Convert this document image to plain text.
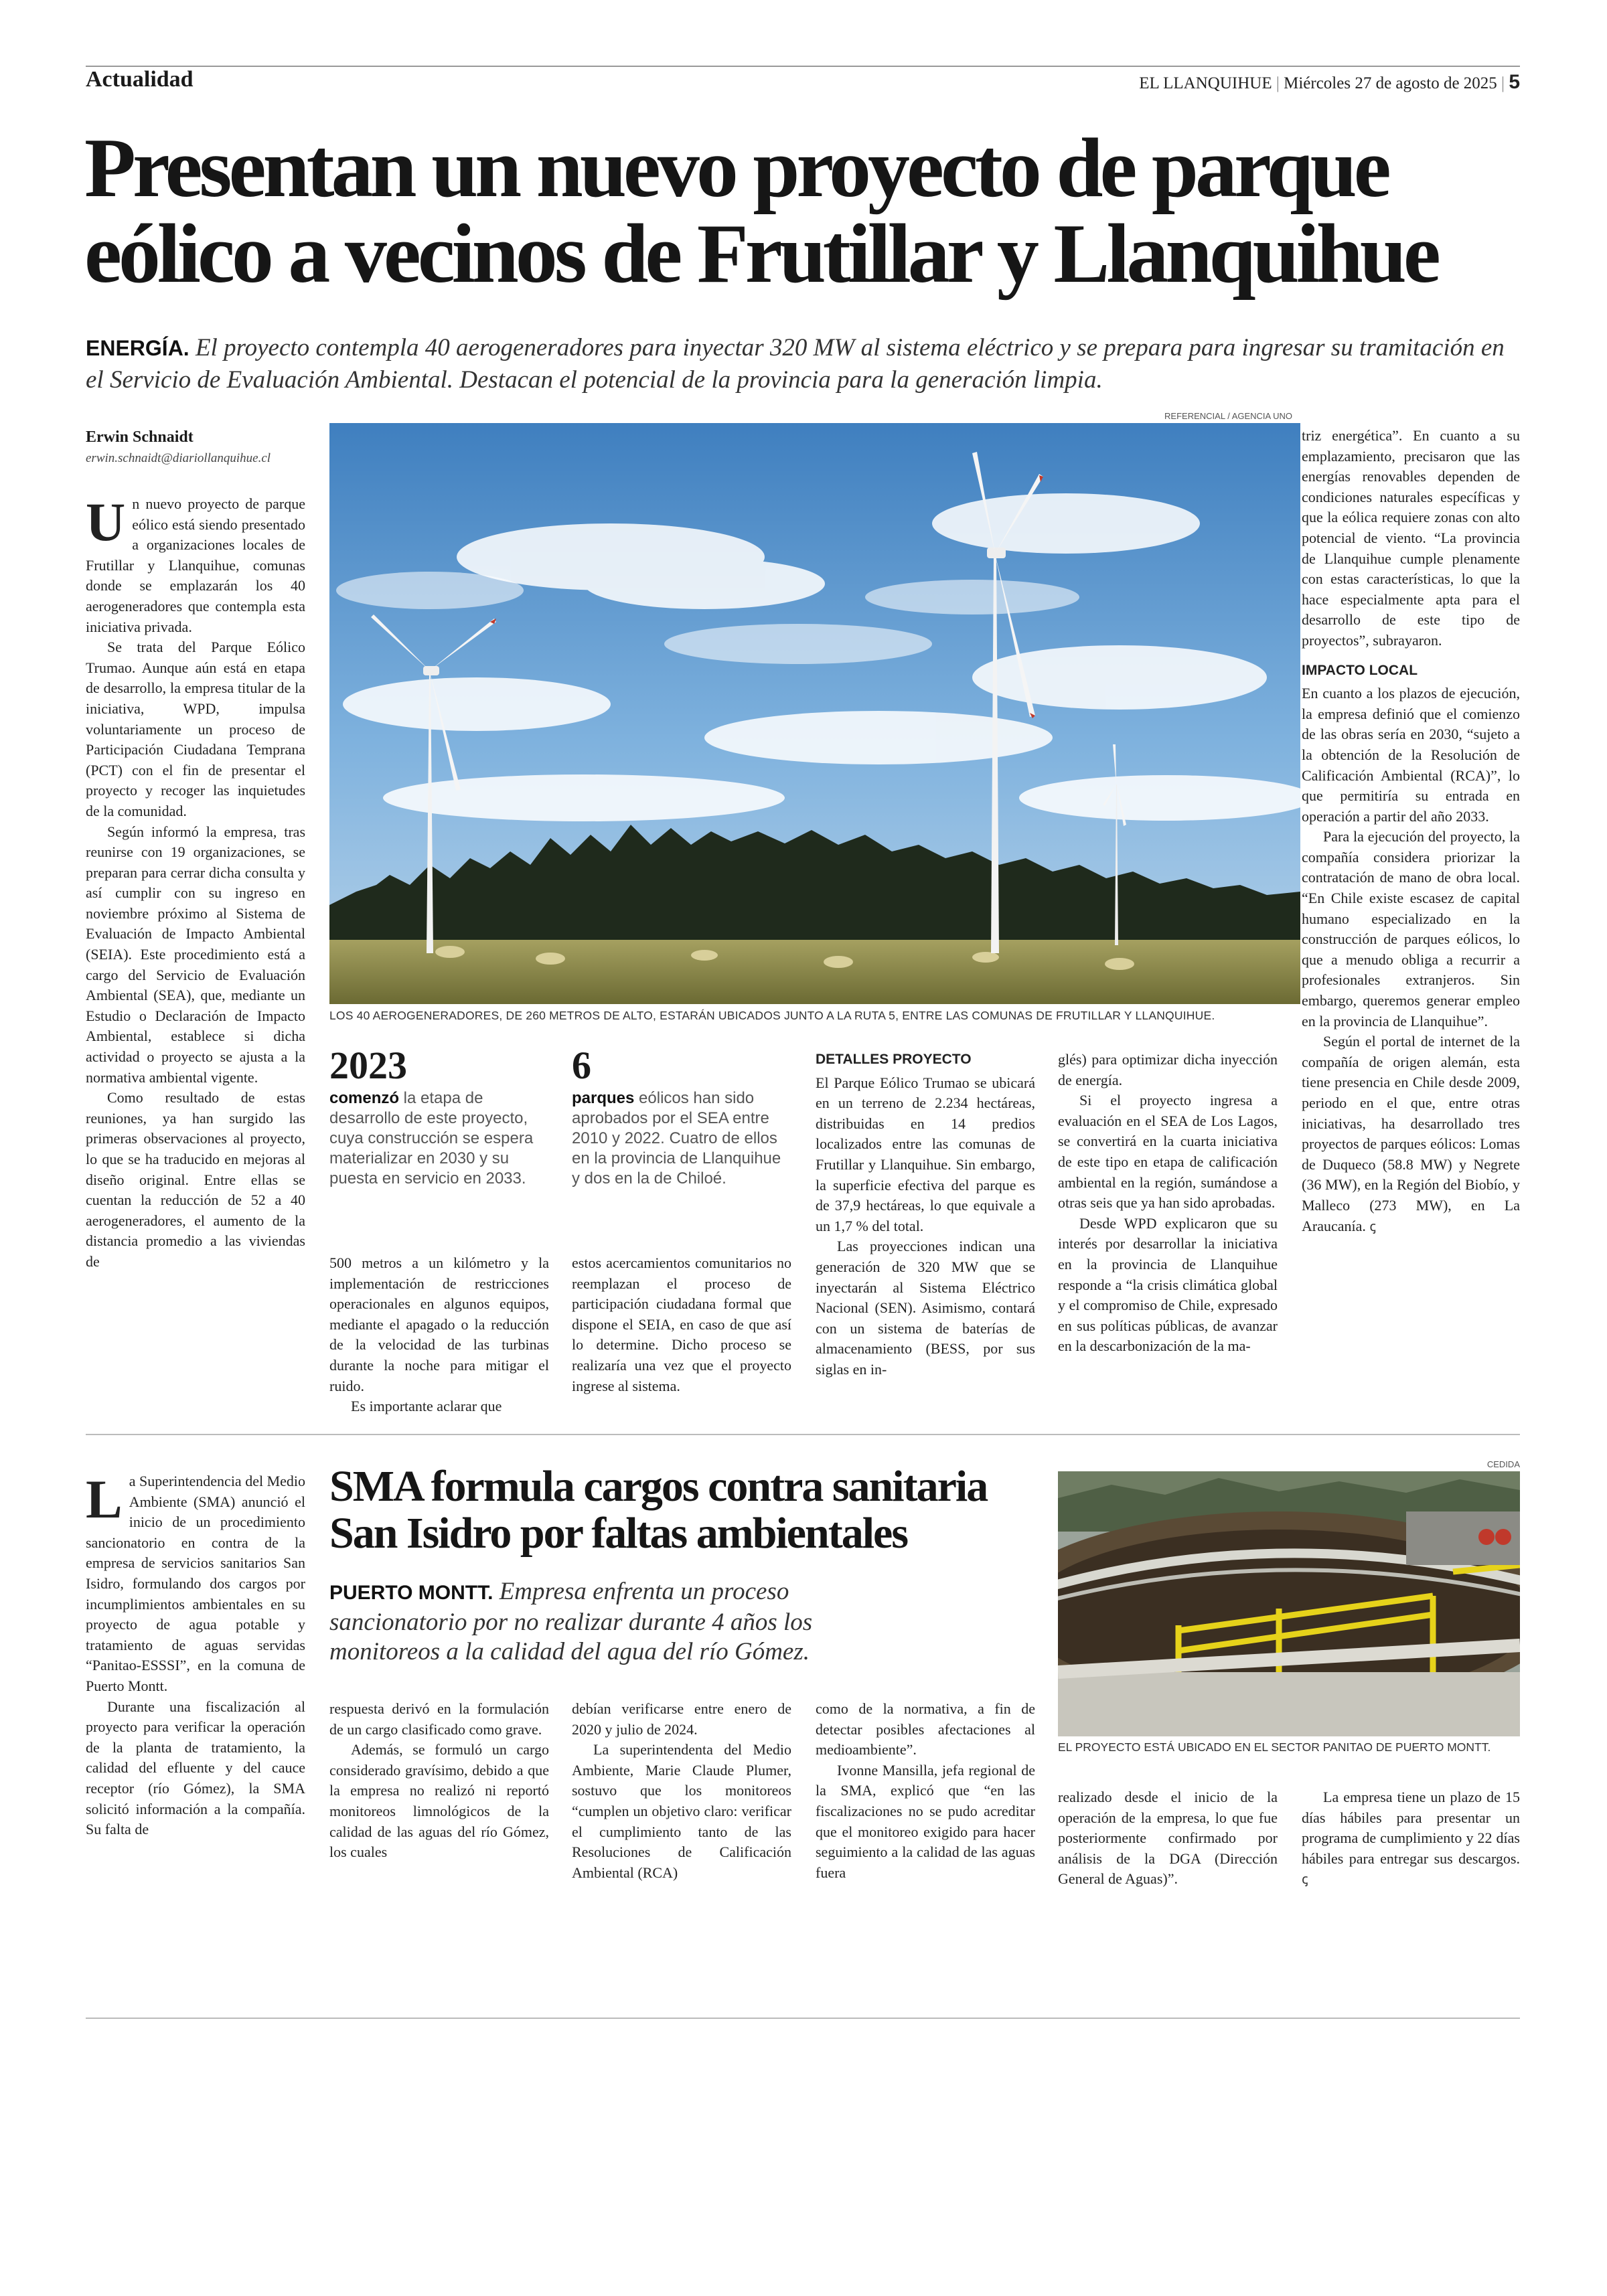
Actualidad	EL LLANQUIHUE | Miércoles 27 de agosto de 2025 | 5
Presentan un nuevo proyecto de parque eólico a vecinos de Frutillar y Llanquihue
ENERGÍA. El proyecto contempla 40 aerogeneradores para inyectar 320 MW al sistema eléctrico y se prepara para ingresar su tramitación en el Servicio de Evaluación Ambiental. Destacan el potencial de la provincia para la generación limpia.
Erwin Schnaidt
erwin.schnaidt@diariollanquihue.cl
REFERENCIAL / AGENCIA UNO
LOS 40 AEROGENERADORES, DE 260 METROS DE ALTO, ESTARÁN UBICADOS JUNTO A LA RUTA 5, ENTRE LAS COMUNAS DE FRUTILLAR Y LLANQUIHUE.

Un nuevo proyecto de parque eólico está siendo presentado a organizaciones locales de Frutillar y Llanquihue, comunas donde se emplazarán los 40 aerogeneradores que contempla esta iniciativa privada.

Se trata del Parque Eólico Trumao. Aunque aún está en etapa de desarrollo, la empresa titular de la iniciativa, WPD, impulsa voluntariamente un proceso de Participación Ciudadana Temprana (PCT) con el fin de presentar el proyecto y recoger las inquietudes de la comunidad.

Según informó la empresa, tras reunirse con 19 organizaciones, se preparan para cerrar dicha consulta y así cumplir con su ingreso en noviembre próximo al Sistema de Evaluación de Impacto Ambiental (SEIA). Este procedimiento está a cargo del Servicio de Evaluación Ambiental (SEA), que, mediante un Estudio o Declaración de Impacto Ambiental, establece si dicha actividad o proyecto se ajusta a la normativa ambiental vigente.

Como resultado de estas reuniones, ya han surgido las primeras observaciones al proyecto, lo que se ha traducido en mejoras al diseño original. Entre ellas se cuentan la reducción de 52 a 40 aerogeneradores, el aumento de la distancia promedio a las viviendas de

2023
comenzó la etapa de desarrollo de este proyecto, cuya construcción se espera materializar en 2030 y su puesta en servicio en 2033.
6
parques eólicos han sido aprobados por el SEA entre 2010 y 2022. Cuatro de ellos en la provincia de Llanquihue y dos en la de Chiloé.

500 metros a un kilómetro y la implementación de restricciones operacionales en algunos equipos, mediante el apagado o la reducción de la velocidad de las turbinas durante la noche para mitigar el ruido.

Es importante aclarar que

estos acercamientos comunitarios no reemplazan el proceso de participación ciudadana formal que dispone el SEIA, en caso de que así lo determine. Dicho proceso se realizaría una vez que el proyecto ingrese al sistema.

DETALLES PROYECTO

El Parque Eólico Trumao se ubicará en un terreno de 2.234 hectáreas, distribuidas en 14 predios localizados entre las comunas de Frutillar y Llanquihue. Sin embargo, la superficie efectiva del parque es de 37,9 hectáreas, lo que equivale a un 1,7 % del total.

Las proyecciones indican una generación de 320 MW que se inyectarán al Sistema Eléctrico Nacional (SEN). Asimismo, contará con un sistema de baterías de almacenamiento (BESS, por sus siglas en in-

glés) para optimizar dicha inyección de energía.

Si el proyecto ingresa a evaluación en el SEA de Los Lagos, se convertirá en la cuarta iniciativa de este tipo en etapa de calificación ambiental en la región, sumándose a otras seis que ya han sido aprobadas.

Desde WPD explicaron que su interés por desarrollar la iniciativa en la provincia de Llanquihue responde a “la crisis climática global y el compromiso de Chile, expresado en sus políticas públicas, de avanzar en la descarbonización de la ma-

triz energética”. En cuanto a su emplazamiento, precisaron que las energías renovables dependen de condiciones naturales específicas y que la eólica requiere zonas con alto potencial de viento. “La provincia de Llanquihue cumple plenamente con estas características, lo que la hace especialmente apta para el desarrollo de este tipo de proyectos”, subrayaron.

IMPACTO LOCAL

En cuanto a los plazos de ejecución, la empresa definió que el comienzo de las obras sería en 2030, “sujeto a la obtención de la Resolución de Calificación Ambiental (RCA)”, lo que permitiría su entrada en operación a partir del año 2033.

Para la ejecución del proyecto, la compañía considera priorizar la contratación de mano de obra local. “En Chile existe escasez de capital humano especializado en la construcción de parques eólicos, lo que a menudo obliga a recurrir a profesionales extranjeros. Sin embargo, queremos generar empleo en la provincia de Llanquihue”.

Según el portal de internet de la compañía de origen alemán, esta tiene presencia en Chile desde 2009, periodo en el que, entre otras iniciativas, ha desarrollado tres proyectos de parques eólicos: Lomas de Duqueco (58.8 MW) y Negrete (36 MW), en la Región del Biobío, y Malleco (273 MW), en La Araucanía. ꞔ

La Superintendencia del Medio Ambiente (SMA) anunció el inicio de un procedimiento sancionatorio en contra de la empresa de servicios sanitarios San Isidro, formulando dos cargos por incumplimientos ambientales en su proyecto de agua potable y tratamiento de aguas servidas “Panitao-ESSSI”, en la comuna de Puerto Montt.

Durante una fiscalización al proyecto para verificar la operación de la planta de tratamiento, la calidad del efluente y del cauce receptor (río Gómez), la SMA solicitó información a la compañía. Su falta de

SMA formula cargos contra sanitaria San Isidro por faltas ambientales
PUERTO MONTT. Empresa enfrenta un proceso sancionatorio por no realizar durante 4 años los monitoreos a la calidad del agua del río Gómez.
CEDIDA
EL PROYECTO ESTÁ UBICADO EN EL SECTOR PANITAO DE PUERTO MONTT.

respuesta derivó en la formulación de un cargo clasificado como grave.

Además, se formuló un cargo considerado gravísimo, debido a que la empresa no realizó ni reportó monitoreos limnológicos de la calidad de las aguas del río Gómez, los cuales

debían verificarse entre enero de 2020 y julio de 2024.

La superintendenta del Medio Ambiente, Marie Claude Plumer, sostuvo que los monitoreos “cumplen un objetivo claro: verificar el cumplimiento tanto de las Resoluciones de Calificación Ambiental (RCA)

como de la normativa, a fin de detectar posibles afectaciones al medioambiente”.

Ivonne Mansilla, jefa regional de la SMA, explicó que “en las fiscalizaciones no se pudo acreditar que el monitoreo exigido para hacer seguimiento a la calidad de las aguas fuera

realizado desde el inicio de la operación de la empresa, lo que fue posteriormente confirmado por análisis de la DGA (Dirección General de Aguas)”.

La empresa tiene un plazo de 15 días hábiles para presentar un programa de cumplimiento y 22 días hábiles para entregar sus descargos. ꞔ
